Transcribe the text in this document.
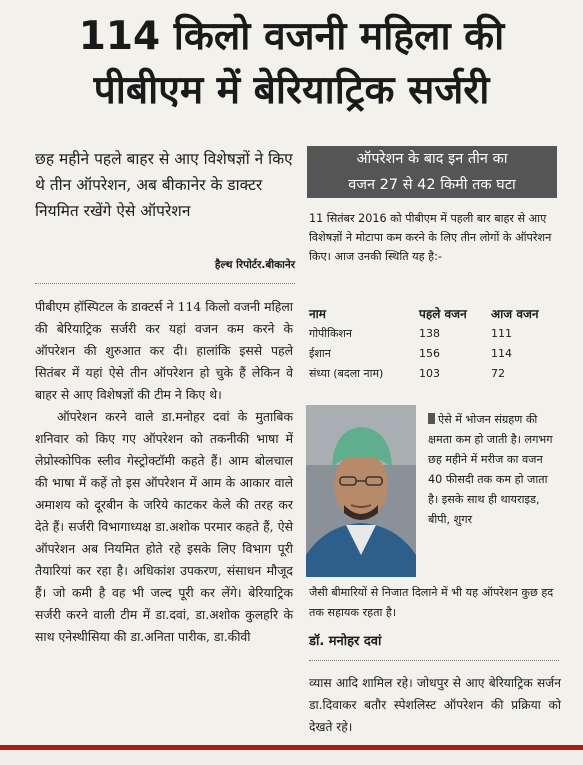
114 किलो वजनी महिला की
पीबीएम में बेरियाट्रिक सर्जरी
छह महीने पहले बाहर से आए विशेषज्ञों ने किए थे तीन ऑपरेशन, अब बीकानेर के डाक्टर नियमित रखेंगे ऐसे ऑपरेशन
हैल्थ रिपोर्टर.बीकानेर

पीबीएम हॉस्पिटल के डाक्टर्स ने 114 किलो वजनी महिला की बेरियाट्रिक सर्जरी कर यहां वजन कम करने के ऑपरेशन की शुरुआत कर दी। हालांकि इससे पहले सितंबर में यहां ऐसे तीन ऑपरेशन हो चुके हैं लेकिन वे बाहर से आए विशेषज्ञों की टीम ने किए थे।

ऑपरेशन करने वाले डा.मनोहर दवां के मुताबिक शनिवार को किए गए ऑपरेशन को तकनीकी भाषा में लेप्रोस्कोपिक स्लीव गेस्ट्रोक्टॉमी कहते हैं। आम बोलचाल की भाषा में कहें तो इस ऑपरेशन में आम के आकार वाले अमाशय को दूरबीन के जरिये काटकर केले की तरह कर देते हैं। सर्जरी विभागाध्यक्ष डा.अशोक परमार कहते हैं, ऐसे ऑपरेशन अब नियमित होते रहे इसके लिए विभाग पूरी तैयारियां कर रहा है। अधिकांश उपकरण, संसाधन मौजूद हैं। जो कमी है वह भी जल्द पूरी कर लेंगे। बेरियाट्रिक सर्जरी करने वाली टीम में डा.दवां, डा.अशोक कुलहरि के साथ एनेस्थीसिया की डा.अनिता पारीक, डा.कीवी

ऑपरेशन के बाद इन तीन का
वजन 27 से 42 किमी तक घटा
11 सितंबर 2016 को पीबीएम में पहली बार बाहर से आए विशेषज्ञों ने मोटापा कम करने के लिए तीन लोगों के ऑपरेशन किए। आज उनकी स्थिति यह है:-
नाम	पहले वजन	आज वजन
गोपीकिशन	138	111
ईशान	156	114
संध्या (बदला नाम)	103	72
ऐसे में भोजन संग्रहण की क्षमता कम हो जाती है। लगभग छह महीने में मरीज का वजन 40 फीसदी तक कम हो जाता है। इसके साथ ही थायराइड, बीपी, शुगर
जैसी बीमारियों से निजात दिलाने में भी यह ऑपरेशन कुछ हद तक सहायक रहता है।
डॉ. मनोहर दवां
व्यास आदि शामिल रहे। जोधपुर से आए बेरियाट्रिक सर्जन डा.दिवाकर बतौर स्पेशलिस्ट ऑपरेशन की प्रक्रिया को देखते रहे।
